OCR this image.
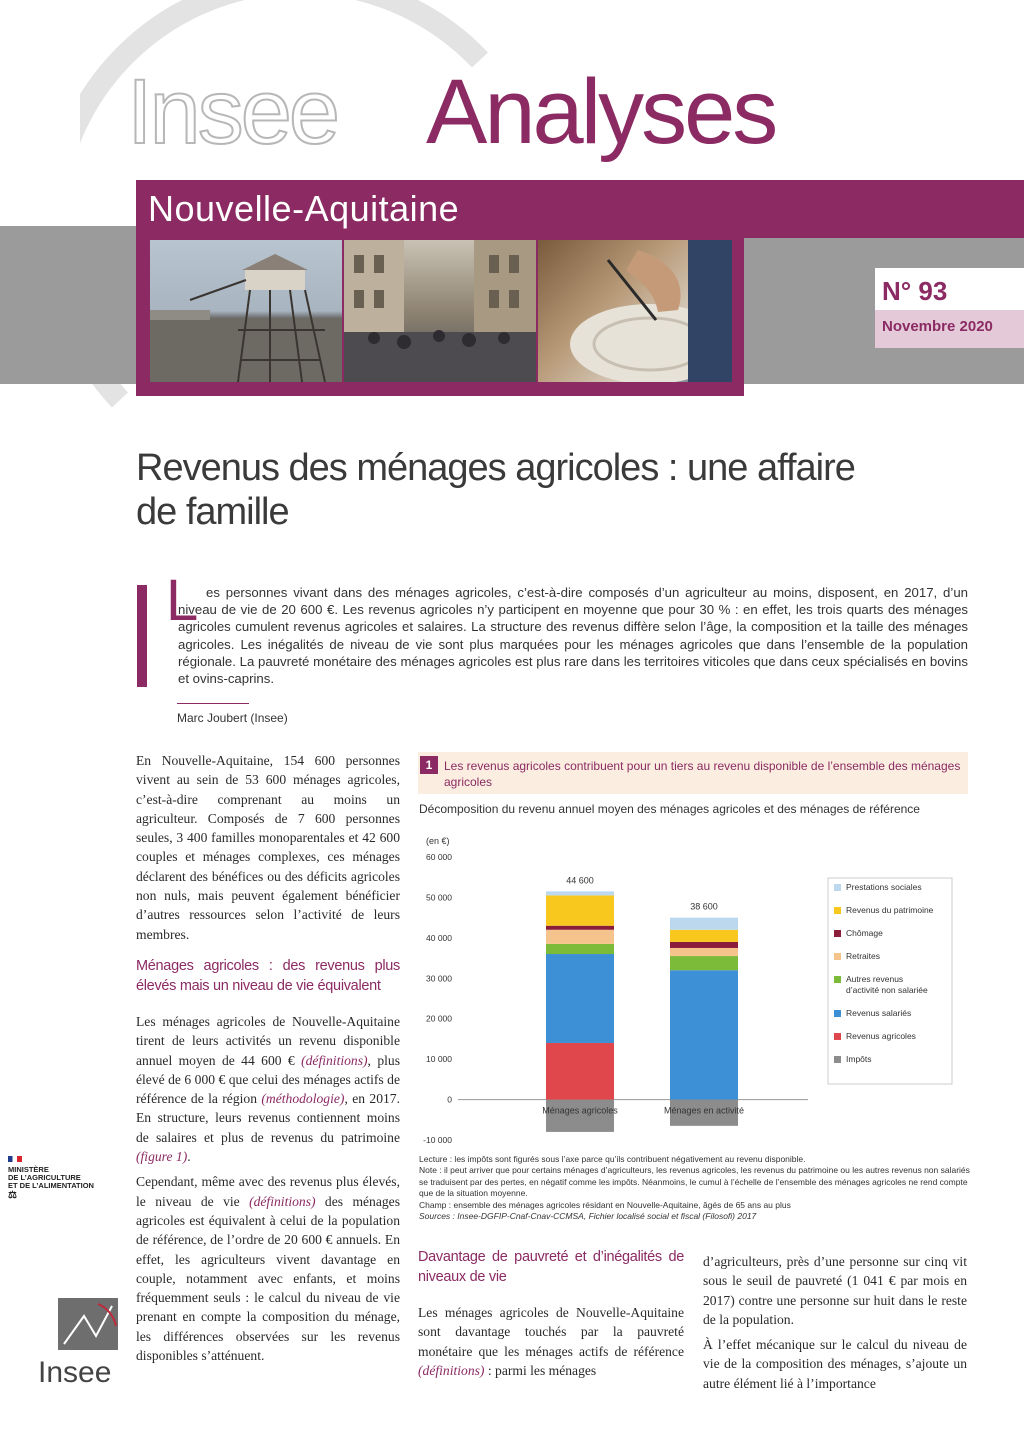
Insee Analyses
Nouvelle-Aquitaine
N° 93
Novembre 2020
Revenus des ménages agricoles : une affaire de famille
L es personnes vivant dans des ménages agricoles, c’est-à-dire composés d’un agriculteur au moins, disposent, en 2017, d’un niveau de vie de 20 600 €. Les revenus agricoles n’y participent en moyenne que pour 30 % : en effet, les trois quarts des ménages agricoles cumulent revenus agricoles et salaires. La structure des revenus diffère selon l’âge, la composition et la taille des ménages agricoles. Les inégalités de niveau de vie sont plus marquées pour les ménages agricoles que dans l’ensemble de la population régionale. La pauvreté monétaire des ménages agricoles est plus rare dans les territoires viticoles que dans ceux spécialisés en bovins et ovins-caprins.
Marc Joubert (Insee)

En Nouvelle-Aquitaine, 154 600 personnes vivent au sein de 53 600 ménages agricoles, c’est-à-dire comprenant au moins un agriculteur. Composés de 7 600 personnes seules, 3 400 familles monoparentales et 42 600 couples et ménages complexes, ces ménages déclarent des bénéfices ou des déficits agricoles non nuls, mais peuvent également bénéficier d’autres ressources selon l’activité de leurs membres.

Ménages agricoles : des revenus plus élevés mais un niveau de vie équivalent

Les ménages agricoles de Nouvelle-Aquitaine tirent de leurs activités un revenu disponible annuel moyen de 44 600 € (définitions), plus élevé de 6 000 € que celui des ménages actifs de référence de la région (méthodologie), en 2017. En structure, leurs revenus contiennent moins de salaires et plus de revenus du patrimoine (figure 1).

Cependant, même avec des revenus plus élevés, le niveau de vie (définitions) des ménages agricoles est équivalent à celui de la population de référence, de l’ordre de 20 600 € annuels. En effet, les agriculteurs vivent davantage en couple, notamment avec enfants, et moins fréquemment seuls : le calcul du niveau de vie prenant en compte la composition du ménage, les différences observées sur les revenus disponibles s’atténuent.

1 Les revenus agricoles contribuent pour un tiers au revenu disponible de l’ensemble des ménages agricoles
Décomposition du revenu annuel moyen des ménages agricoles et des ménages de référence
(en €)
-10 000
0
10 000
20 000
30 000
40 000
50 000
60 000
44 600
Ménages agricoles
38 600
Ménages en activité
Prestations sociales
Revenus du patrimoine
Chômage
Retraites
Autres revenus
d’activité non salariée
Revenus salariés
Revenus agricoles
Impôts
Lecture : les impôts sont figurés sous l’axe parce qu’ils contribuent négativement au revenu disponible.
Note : il peut arriver que pour certains ménages d’agriculteurs, les revenus agricoles, les revenus du patrimoine ou les autres revenus non salariés se traduisent par des pertes, en négatif comme les impôts. Néanmoins, le cumul à l’échelle de l’ensemble des ménages agricoles ne rend compte que de la situation moyenne.
Champ : ensemble des ménages agricoles résidant en Nouvelle-Aquitaine, âgés de 65 ans au plus
Sources : Insee-DGFIP-Cnaf-Cnav-CCMSA, Fichier localisé social et fiscal (Filosofi) 2017
Davantage de pauvreté et d’inégalités de niveaux de vie

Les ménages agricoles de Nouvelle-Aquitaine sont davantage touchés par la pauvreté monétaire que les ménages actifs de référence (définitions) : parmi les ménages

d’agriculteurs, près d’une personne sur cinq vit sous le seuil de pauvreté (1 041 € par mois en 2017) contre une personne sur huit dans le reste de la population.

À l’effet mécanique sur le calcul du niveau de vie de la composition des ménages, s’ajoute un autre élément lié à l’importance

MINISTÈRE
DE L’AGRICULTURE
ET DE L’ALIMENTATION
⚖
Insee
